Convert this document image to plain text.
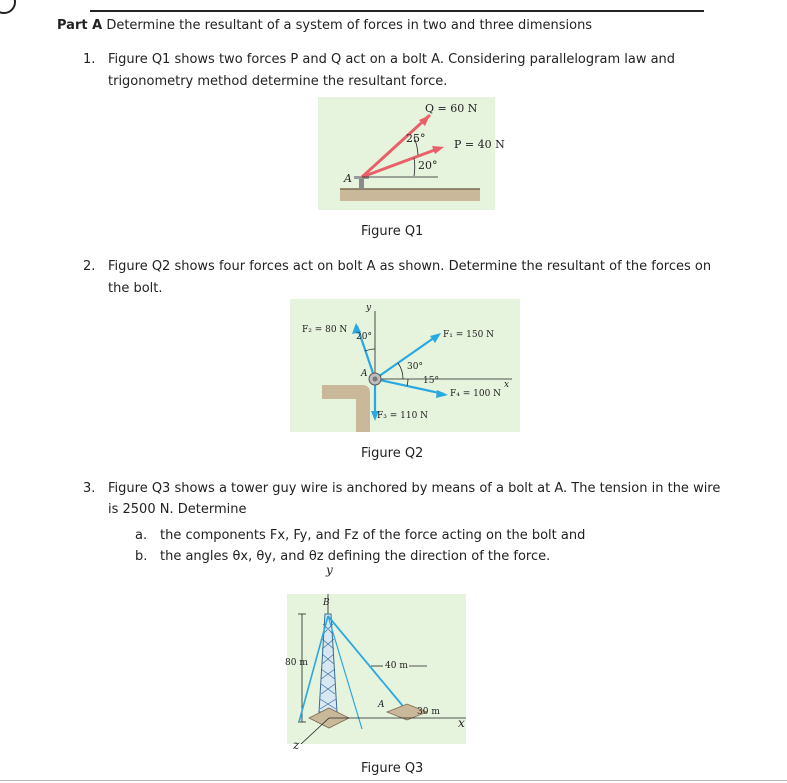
Part A Determine the resultant of a system of forces in two and three dimensions
1. Figure Q1 shows two forces P and Q act on a bolt A. Considering parallelogram law and
trigonometry method determine the resultant force.
Q = 60 N
P = 40 N
25°
20°
A
Figure Q1
2. Figure Q2 shows four forces act on bolt A as shown. Determine the resultant of the forces on
the bolt.
F₂ = 80 N	F₁ = 150 N
F₃ = 110 N
F₄ = 100 N
20°
30°
15°
y
x
A
Figure Q2
3. Figure Q3 shows a tower guy wire is anchored by means of a bolt at A. The tension in the wire
is 2500 N. Determine
a. the components Fx, Fy, and Fz of the force acting on the bolt and
b. the angles θx, θy, and θz defining the direction of the force.
y
B
80 m	40 m
30 m
A
x
z
Figure Q3
